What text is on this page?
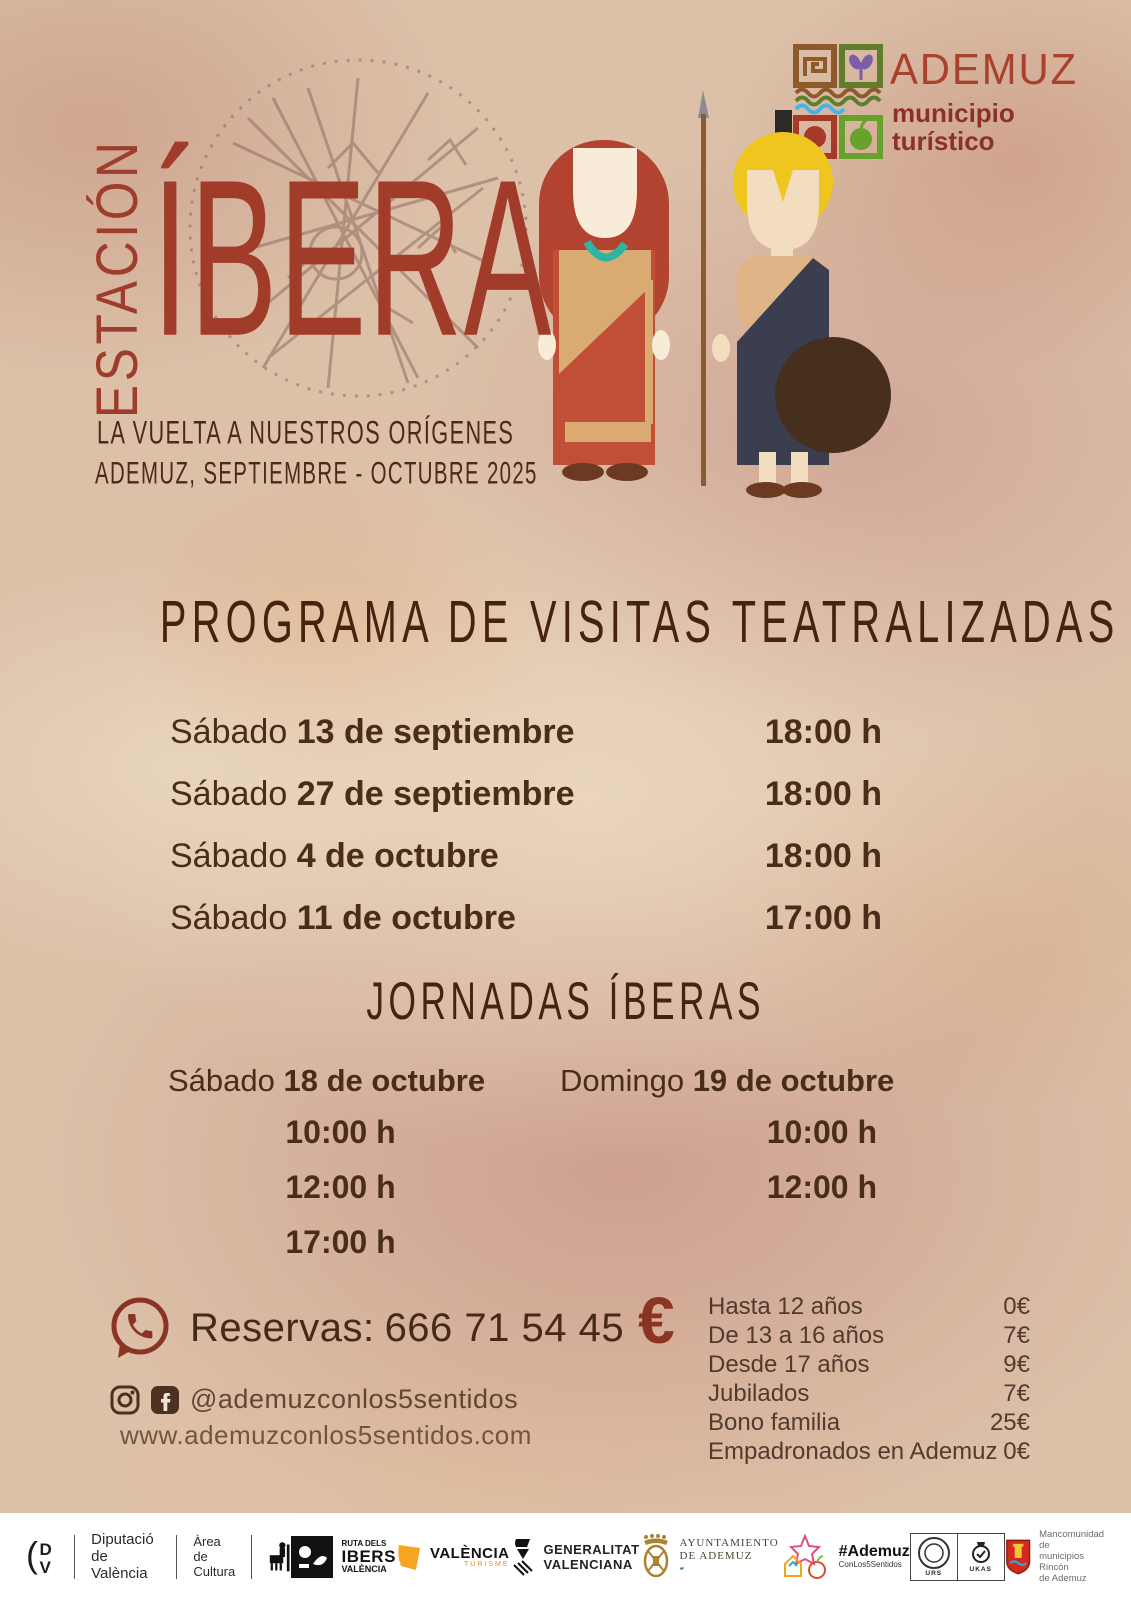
ADEMUZ
municipio
turístico
ESTACIÓN ÍBERA
LA VUELTA A NUESTROS ORÍGENES
ADEMUZ, SEPTIEMBRE - OCTUBRE 2025
PROGRAMA DE VISITAS TEATRALIZADAS
Sábado 13 de septiembre	18:00 h
Sábado 27 de septiembre	18:00 h
Sábado 4 de octubre	18:00 h
Sábado 11 de octubre	17:00 h
JORNADAS ÍBERAS
Sábado 18 de octubre
10:00 h
12:00 h
17:00 h
Domingo 19 de octubre
10:00 h
12:00 h
Reservas: 666 71 54 45
@ademuzconlos5sentidos
www.ademuzconlos5sentidos.com
€ Hasta 12 años	0€
De 13 a 16 años	7€
Desde 17 años	9€
Jubilados	7€
Bono familia	25€
Empadronados en Ademuz 0€
( D
V
Diputació
de València
Àrea de
Cultura
RUTA DELS
IBERS
VALÈNCIA
VALÈNCIA
TURISME
GENERALITAT
VALENCIANA
AYUNTAMIENTO
DE ADEMUZ
▰
#Ademuz
ConLos5Sentidos
URS
UKAS
Mancomunidad de
municipios Rincón
de Ademuz
